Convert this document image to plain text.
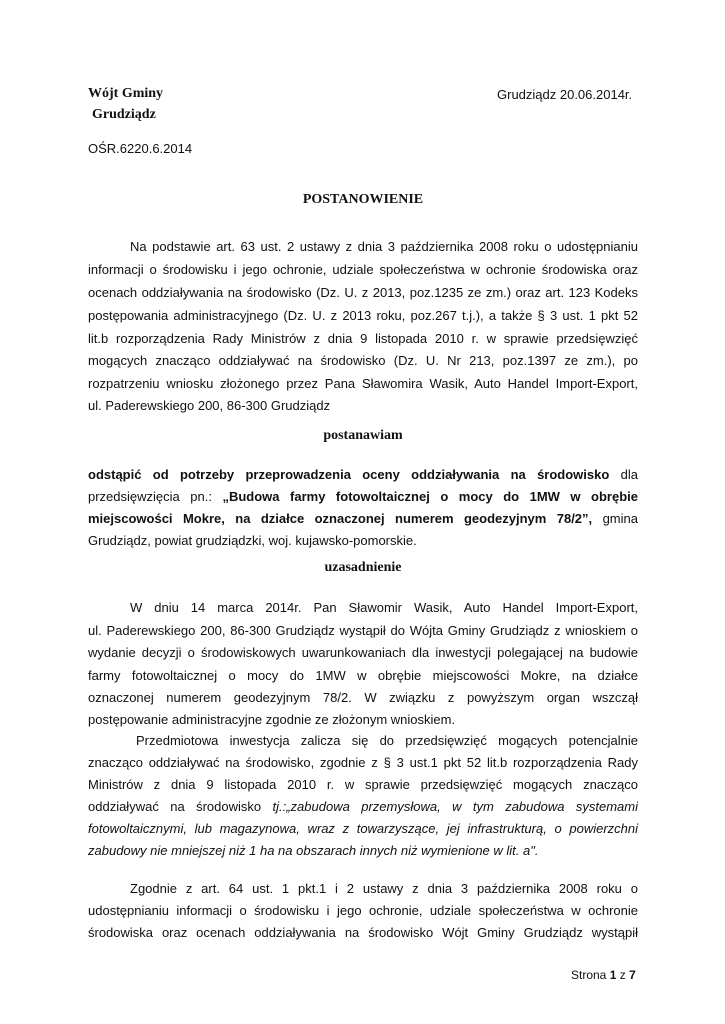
Wójt Gminy
Grudziądz
Grudziądz 20.06.2014r.
OŚR.6220.6.2014
POSTANOWIENIE
Na podstawie art. 63 ust. 2 ustawy z dnia 3 października 2008 roku o udostępnianiu
informacji o środowisku i jego ochronie, udziale społeczeństwa w ochronie środowiska oraz
ocenach oddziaływania na środowisko (Dz. U. z 2013, poz.1235 ze zm.) oraz art. 123 Kodeks
postępowania administracyjnego (Dz. U. z 2013 roku, poz.267 t.j.), a także § 3 ust. 1 pkt 52
lit.b rozporządzenia Rady Ministrów z dnia 9 listopada 2010 r. w sprawie przedsięwzięć
mogących znacząco oddziaływać na środowisko (Dz. U. Nr 213, poz.1397 ze zm.), po
rozpatrzeniu wniosku złożonego przez Pana Sławomira Wasik, Auto Handel Import-Export,
ul. Paderewskiego 200, 86-300 Grudziądz
postanawiam
odstąpić od potrzeby przeprowadzenia oceny oddziaływania na środowisko dla
przedsięwzięcia pn.: „Budowa farmy fotowoltaicznej o mocy do 1MW w obrębie
miejscowości Mokre, na działce oznaczonej numerem geodezyjnym 78/2”, gmina
Grudziądz, powiat grudziądzki, woj. kujawsko-pomorskie.
uzasadnienie
W dniu 14 marca 2014r. Pan Sławomir Wasik, Auto Handel Import-Export,
ul. Paderewskiego 200, 86-300 Grudziądz wystąpił do Wójta Gminy Grudziądz z wnioskiem o
wydanie decyzji o środowiskowych uwarunkowaniach dla inwestycji polegającej na budowie
farmy fotowoltaicznej o mocy do 1MW w obrębie miejscowości Mokre, na działce
oznaczonej numerem geodezyjnym 78/2. W związku z powyższym organ wszczął
postępowanie administracyjne zgodnie ze złożonym wnioskiem.
Przedmiotowa inwestycja zalicza się do przedsięwzięć mogących potencjalnie
znacząco oddziaływać na środowisko, zgodnie z § 3 ust.1 pkt 52 lit.b rozporządzenia Rady
Ministrów z dnia 9 listopada 2010 r. w sprawie przedsięwzięć mogących znacząco
oddziaływać na środowisko tj.:„zabudowa przemysłowa, w tym zabudowa systemami
fotowoltaicznymi, lub magazynowa, wraz z towarzyszące, jej infrastrukturą, o powierzchni
zabudowy nie mniejszej niż 1 ha na obszarach innych niż wymienione w lit. a".
Zgodnie z art. 64 ust. 1 pkt.1 i 2 ustawy z dnia 3 października 2008 roku o
udostępnianiu informacji o środowisku i jego ochronie, udziale społeczeństwa w ochronie
środowiska oraz ocenach oddziaływania na środowisko Wójt Gminy Grudziądz wystąpił
Strona 1 z 7
